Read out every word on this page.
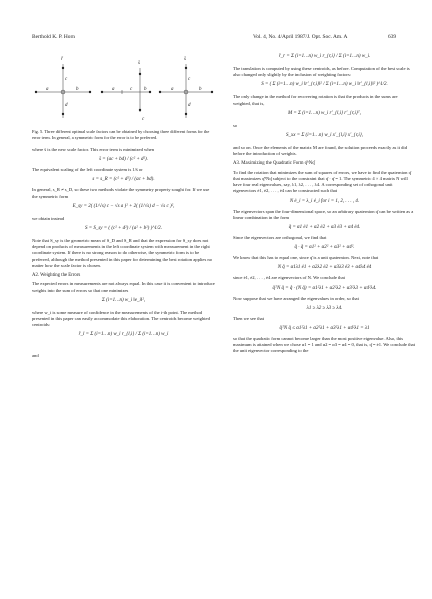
Berthold K. P. Horn	Vol. 4, No. 4/April 1987/J. Opt. Soc. Am. A	639
r̄
a	b
c
d
s̄
a	b
c
c
s̄
a	b
c
d
Fig. 5. Three different optimal scale factors can be obtained by choosing three different forms for the error term. In general, a symmetric form for the error is to be preferred.
where s̄ is the new scale factor. This error term is minimized when
s̄ = (ac + bd) / (c² + d²).
The equivalent scaling of the left coordinate system is 1/s̄ or
s = s_R = (c² + d²) / (ac + bd).
In general, s_R ≠ s_D, so these two methods violate the symmetry property sought for. If we use the symmetric form
E_sy = 2( (1/√s) c − √s a )² + 2( (1/√s) d − √s c )²,
we obtain instead
S = S_sy = ( (c² + d²) / (a² + b²) )^1/2.
Note that S_sy is the geometric mean of S_D and S_R and that the expression for S_sy does not depend on products of measurements in the left coordinate system with measurement in the right coordinate system. If there is no strong reason to do otherwise, the symmetric form is to be preferred, although the method presented in this paper for determining the best rotation applies no matter how the scale factor is chosen.
A2. Weighting the Errors
The expected errors in measurements are not always equal. In this case it is convenient to introduce weights into the sum of errors so that one minimizes
Σ (i=1…n) w_i ‖e_i‖²,
where w_i is some measure of confidence in the measurements of the i-th point. The method presented in this paper can easily accommodate this elaboration. The centroids become weighted centroids:
r̄_l = Σ (i=1…n) w_i r_{l,i} / Σ (i=1…n) w_i
and
r̄_r = Σ (i=1…n) w_i r_{r,i} / Σ (i=1…n) w_i.
The translation is computed by using these centroids, as before. Computation of the best scale is also changed only slightly by the inclusion of weighting factors:
S = ( Σ (i=1…n) w_i ‖r′_{r,i}‖² / Σ (i=1…n) w_i ‖r′_{l,i}‖² )^1/2.
The only change in the method for recovering rotation is that the products in the sums are weighted, that is,
M = Σ (i=1…n) w_i r′_{l,i} r′_{r,i}ᵀ,
so
S_xx = Σ (i=1…n) w_i x′_{l,i} x′_{r,i},
and so on. Once the elements of the matrix M are found, the solution proceeds exactly as it did before the introduction of weights.
A3. Maximizing the Quadratic Form q̊ᵀNq̊
To find the rotation that minimizes the sum of squares of errors, we have to find the quaternion q̊ that maximizes q̊ᵀNq̊ subject to the constraint that q̊ · q̊ = 1. The symmetric 4 × 4 matrix N will have four real eigenvalues, say, λ1, λ2, . . . , λ4. A corresponding set of orthogonal unit eigenvectors ė1, ė2, . . . , ė4 can be constructed such that
N ė_i = λ_i ė_i for i = 1, 2, . . . , 4.
The eigenvectors span the four-dimensional space, so an arbitrary quaternion q̊ can be written as a linear combination in the form
q̊ = α1 ė1 + α2 ė2 + α3 ė3 + α4 ė4.
Since the eigenvectors are orthogonal, we find that
q̊ · q̊ = α1² + α2² + α3² + α4².
We know that this has to equal one, since q̊ is a unit quaternion. Next, note that
N q̊ = α1λ1 ė1 + α2λ2 ė2 + α3λ3 ė3 + α4λ4 ė4
since ė1, ė2, . . . , ė4 are eigenvectors of N. We conclude that
q̊ᵀN q̊ = q̊ · (N q̊) = α1²λ1 + α2²λ2 + α3²λ3 + α4²λ4.
Now suppose that we have arranged the eigenvalues in order, so that
λ1 ≥ λ2 ≥ λ3 ≥ λ4.
Then we see that
q̊ᵀN q̊ ≤ α1²λ1 + α2²λ1 + α3²λ1 + α4²λ1 = λ1
so that the quadratic form cannot become larger than the most positive eigenvalue. Also, this maximum is attained when we chose α1 = 1 and α2 = α3 = α4 = 0, that is, q̊ = ė1. We conclude that the unit eigenvector corresponding to the
